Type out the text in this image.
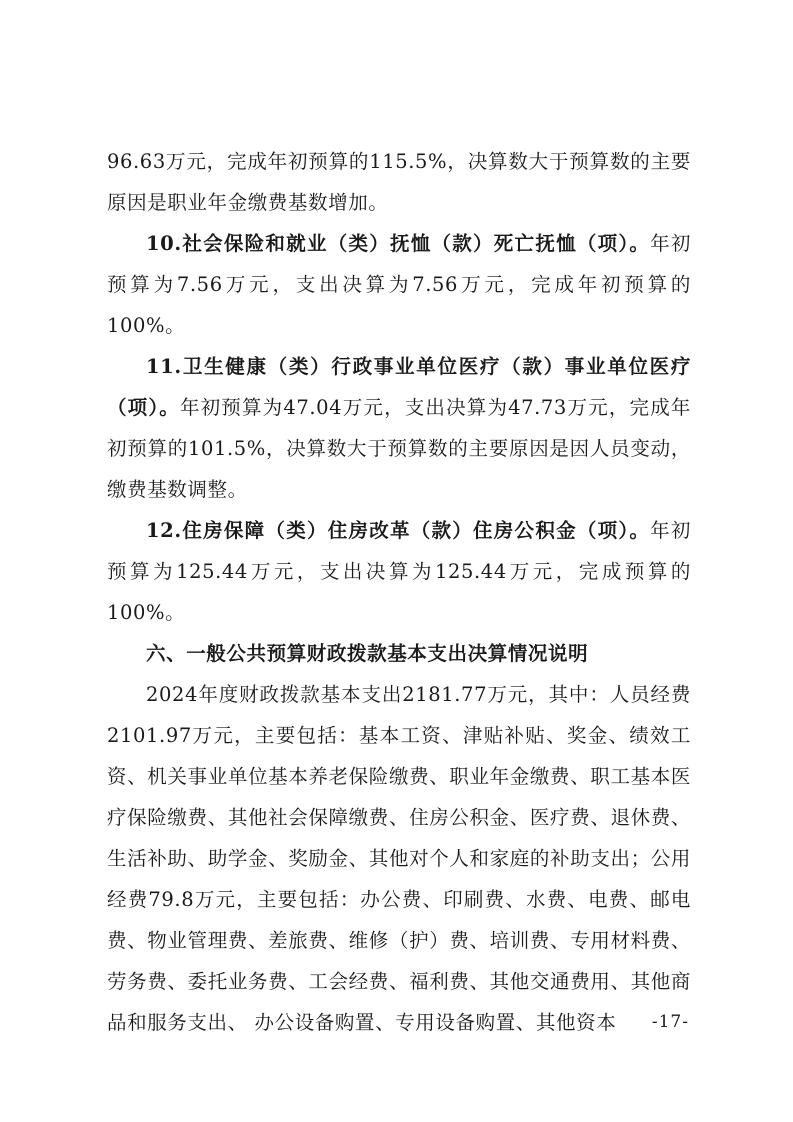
96.63万元，完成年初预算的115.5%，决算数大于预算数的主要原因是职业年金缴费基数增加。

10.社会保险和就业（类）抚恤（款）死亡抚恤（项）。年初预算为7.56万元，支出决算为7.56万元，完成年初预算的100%。

11.卫生健康（类）行政事业单位医疗（款）事业单位医疗（项）。年初预算为47.04万元，支出决算为47.73万元，完成年初预算的101.5%，决算数大于预算数的主要原因是因人员变动，缴费基数调整。

12.住房保障（类）住房改革（款）住房公积金（项）。年初预算为125.44万元，支出决算为125.44万元，完成预算的100%。

六、一般公共预算财政拨款基本支出决算情况说明

2024年度财政拨款基本支出2181.77万元，其中：人员经费2101.97万元，主要包括：基本工资、津贴补贴、奖金、绩效工资、机关事业单位基本养老保险缴费、职业年金缴费、职工基本医疗保险缴费、其他社会保障缴费、住房公积金、医疗费、退休费、生活补助、助学金、奖励金、其他对个人和家庭的补助支出；公用经费79.8万元，主要包括：办公费、印刷费、水费、电费、邮电费、物业管理费、差旅费、维修（护）费、培训费、专用材料费、劳务费、委托业务费、工会经费、福利费、其他交通费用、其他商品和服务支出、 办公设备购置、专用设备购置、其他资本	-17-
